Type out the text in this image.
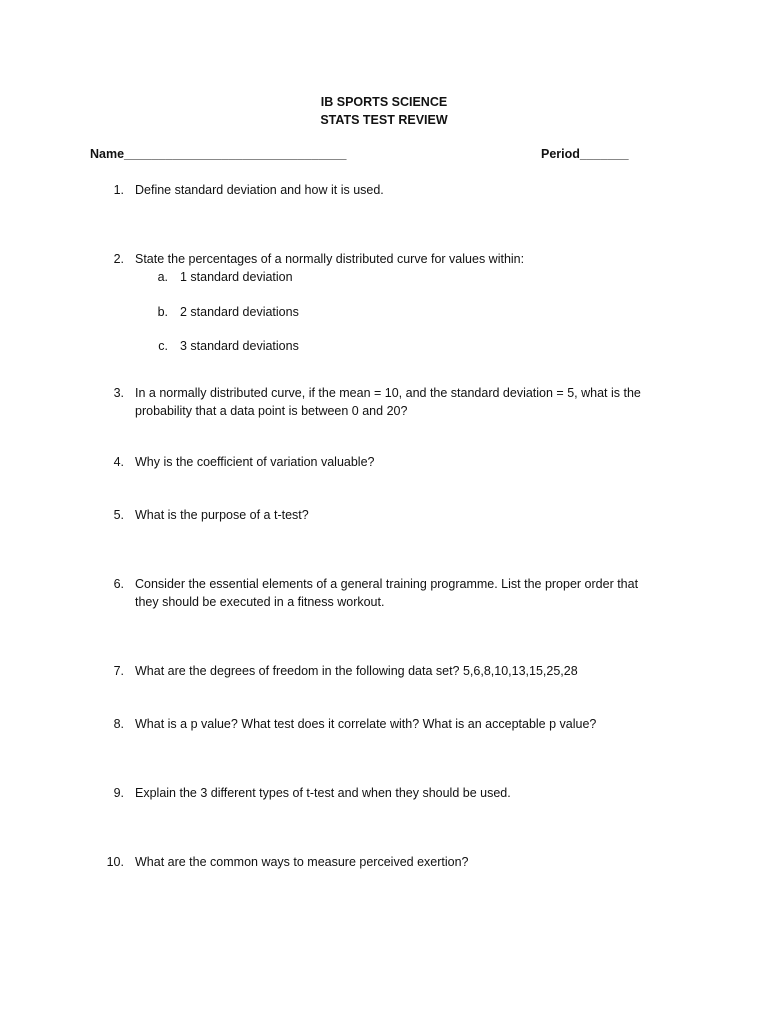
IB SPORTS SCIENCE
STATS TEST REVIEW
Name________________________________	Period_______
1. Define standard deviation and how it is used.
2. State the percentages of a normally distributed curve for values within:
a. 1 standard deviation
b. 2 standard deviations
c. 3 standard deviations
3. In a normally distributed curve, if the mean = 10, and the standard deviation = 5, what is the
probability that a data point is between 0 and 20?
4. Why is the coefficient of variation valuable?
5. What is the purpose of a t-test?
6. Consider the essential elements of a general training programme. List the proper order that
they should be executed in a fitness workout.
7. What are the degrees of freedom in the following data set? 5,6,8,10,13,15,25,28
8. What is a p value? What test does it correlate with? What is an acceptable p value?
9. Explain the 3 different types of t-test and when they should be used.
10. What are the common ways to measure perceived exertion?
